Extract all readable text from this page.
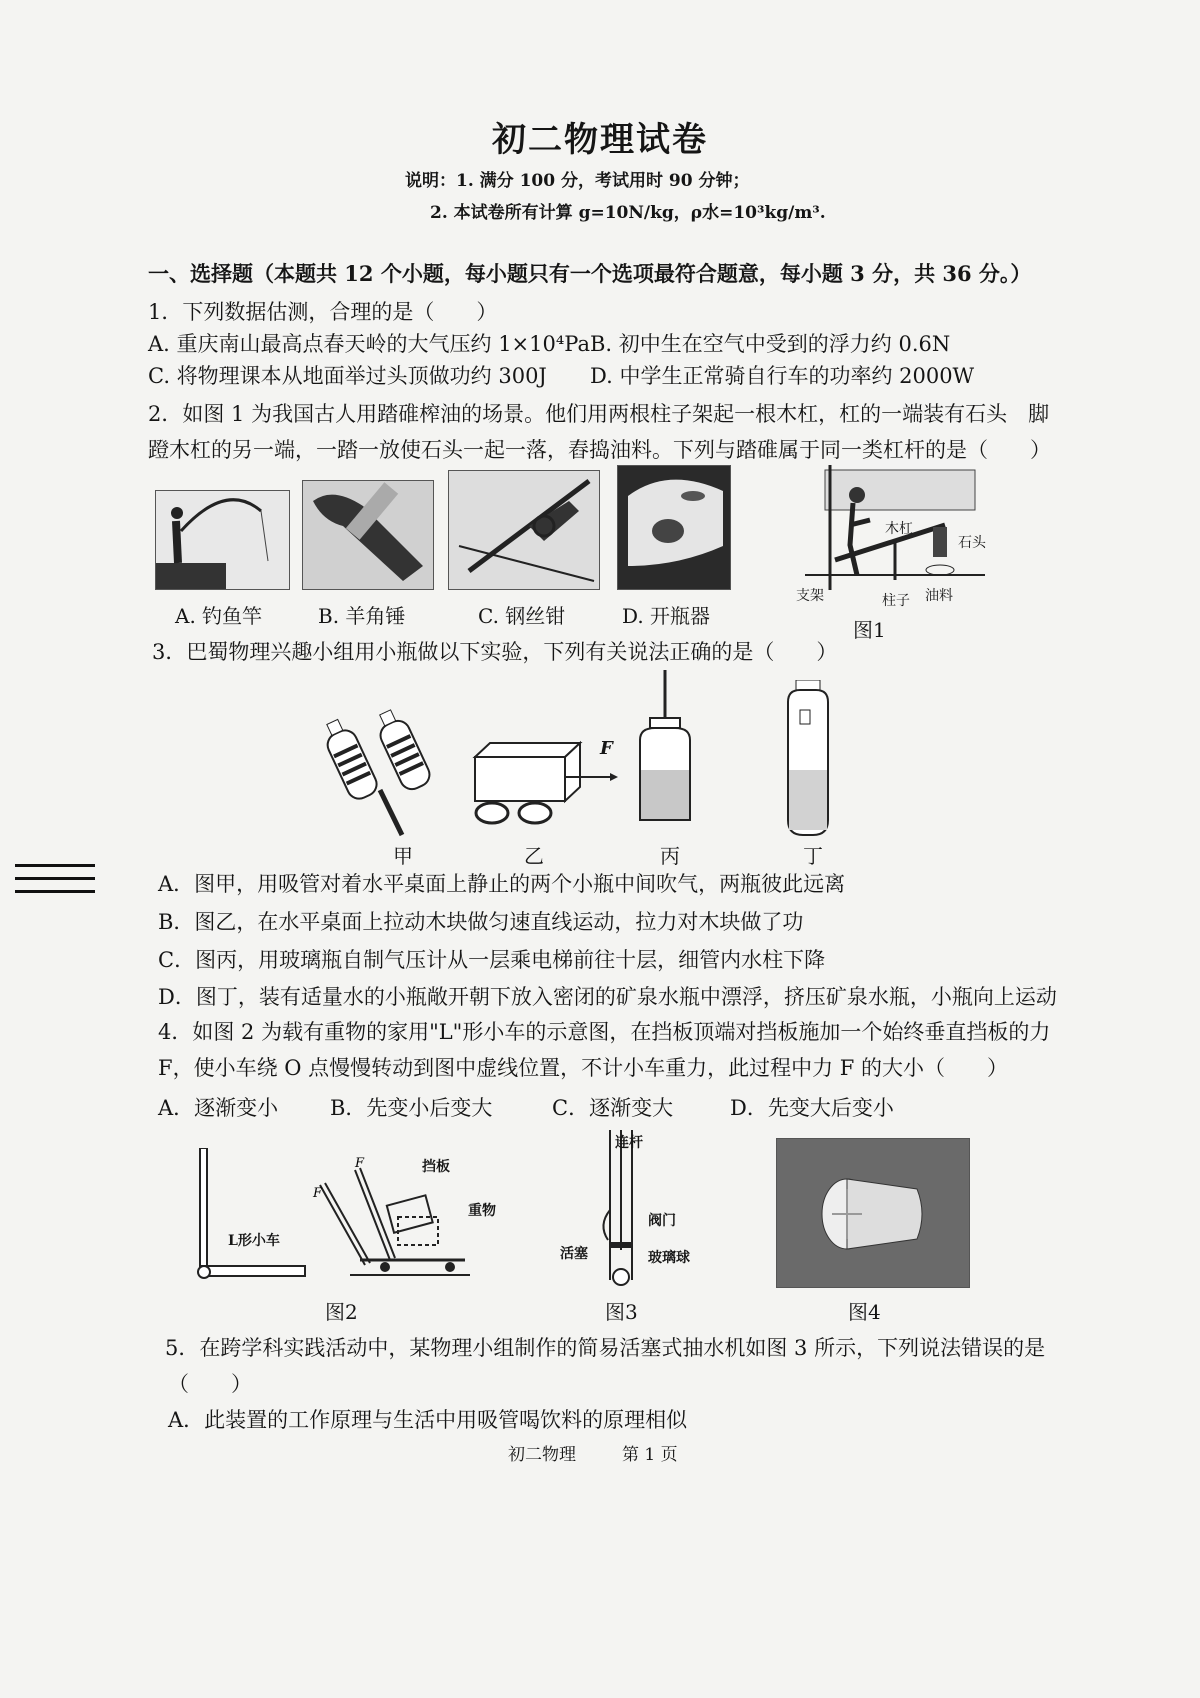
初二物理试卷
说明：1. 满分 100 分，考试用时 90 分钟；
2. 本试卷所有计算 g=10N/kg，ρ水=10³kg/m³.
一、选择题（本题共 12 个小题，每小题只有一个选项最符合题意，每小题 3 分，共 36 分。）
1．下列数据估测，合理的是（　　）
A. 重庆南山最高点春天岭的大气压约 1×10⁴Pa B. 初中生在空气中受到的浮力约 0.6N
C. 将物理课本从地面举过头顶做功约 300J D. 中学生正常骑自行车的功率约 2000W
2．如图 1 为我国古人用踏碓榨油的场景。他们用两根柱子架起一根木杠，杠的一端装有石头　脚
蹬木杠的另一端，一踏一放使石头一起一落，舂捣油料。下列与踏碓属于同一类杠杆的是（　　）
A. 钓鱼竿	B. 羊角锤	C. 钢丝钳	D. 开瓶器
木杠
石头
支架	柱子 油料
图1
3．巴蜀物理兴趣小组用小瓶做以下实验，下列有关说法正确的是（　　）
F
甲	乙	丙	丁
A．图甲，用吸管对着水平桌面上静止的两个小瓶中间吹气，两瓶彼此远离
B．图乙，在水平桌面上拉动木块做匀速直线运动，拉力对木块做了功
C．图丙，用玻璃瓶自制气压计从一层乘电梯前往十层，细管内水柱下降
D．图丁，装有适量水的小瓶敞开朝下放入密闭的矿泉水瓶中漂浮，挤压矿泉水瓶，小瓶向上运动
4．如图 2 为载有重物的家用"L"形小车的示意图，在挡板顶端对挡板施加一个始终垂直挡板的力
F，使小车绕 O 点慢慢转动到图中虚线位置，不计小车重力，此过程中力 F 的大小（　　）
A．逐渐变小 B．先变小后变大	C．逐渐变大	D．先变大后变小
L形小车
F
F	挡板
重物
连杆
阀门
活塞	玻璃球
图2	图3	图4
5．在跨学科实践活动中，某物理小组制作的简易活塞式抽水机如图 3 所示，下列说法错误的是
（　　）
A．此装置的工作原理与生活中用吸管喝饮料的原理相似
初二物理	第 1 页
